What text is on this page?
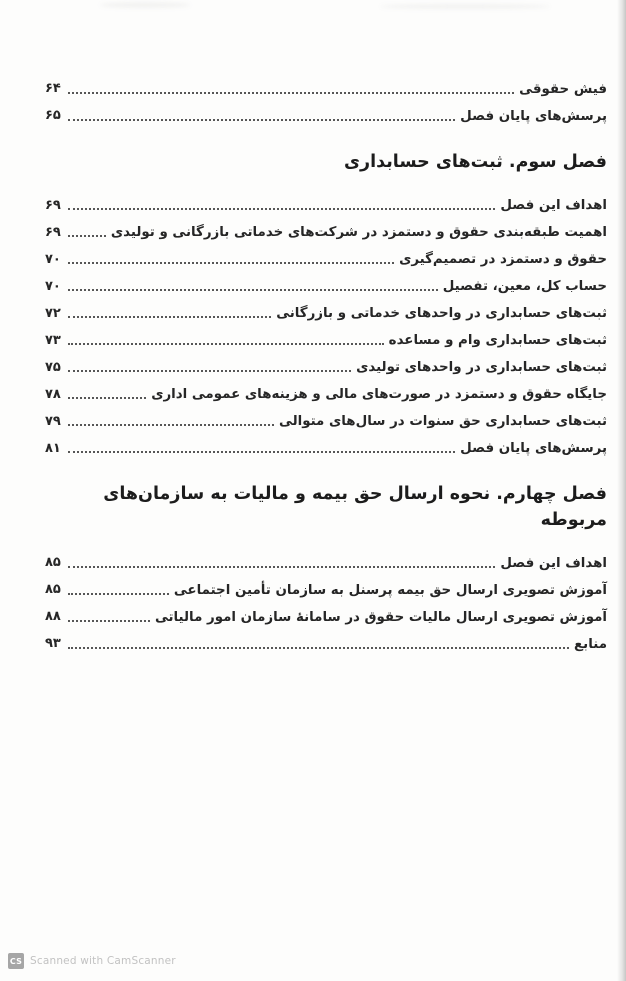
فیش حقوقی
۶۴
پرسش‌های پایان فصل
۶۵
فصل سوم. ثبت‌های حسابداری
اهداف این فصل
۶۹
اهمیت طبقه‌بندی حقوق و دستمزد در شرکت‌های خدماتی بازرگانی و تولیدی
۶۹
حقوق و دستمزد در تصمیم‌گیری
۷۰
حساب کل، معین، تفصیل
۷۰
ثبت‌های حسابداری در واحدهای خدماتی و بازرگانی
۷۲
ثبت‌های حسابداری وام و مساعده
۷۳
ثبت‌های حسابداری در واحدهای تولیدی
۷۵
جایگاه حقوق و دستمزد در صورت‌های مالی و هزینه‌های عمومی اداری
۷۸
ثبت‌های حسابداری حق سنوات در سال‌های متوالی
۷۹
پرسش‌های پایان فصل
۸۱
فصل چهارم. نحوه ارسال حق بیمه و مالیات به سازمان‌های مربوطه
اهداف این فصل
۸۵
آموزش تصویری ارسال حق بیمه پرسنل به سازمان تأمین اجتماعی
۸۵
آموزش تصویری ارسال مالیات حقوق در سامانهٔ سازمان امور مالیاتی
۸۸
منابع
۹۳
CS Scanned with CamScanner
